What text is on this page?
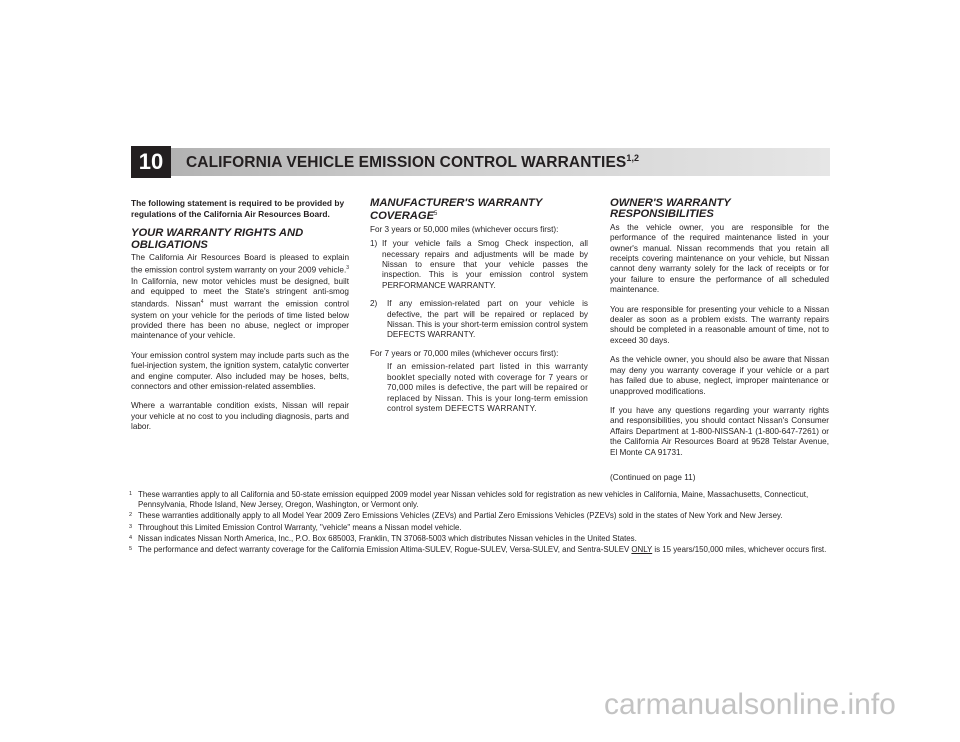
10	CALIFORNIA VEHICLE EMISSION CONTROL WARRANTIES$^{1,2}$

The following statement is required to be provided by regulations of the California Air Resources Board.

YOUR WARRANTY RIGHTS AND OBLIGATIONS

The California Air Resources Board is pleased to explain the emission control system warranty on your 2009 vehicle.$^3$ In California, new motor vehicles must be designed, built and equipped to meet the State's stringent anti-smog standards. Nissan$^4$ must warrant the emission control system on your vehicle for the periods of time listed below provided there has been no abuse, neglect or improper maintenance of your vehicle.

Your emission control system may include parts such as the fuel-injection system, the ignition system, catalytic converter and engine computer. Also included may be hoses, belts, connectors and other emission-related assemblies.

Where a warrantable condition exists, Nissan will repair your vehicle at no cost to you including diagnosis, parts and labor.

MANUFACTURER'S WARRANTY COVERAGE$^5$

For 3 years or 50,000 miles (whichever occurs first):

1) If your vehicle fails a Smog Check inspection, all necessary repairs and adjustments will be made by Nissan to ensure that your vehicle passes the inspection. This is your emission control system PERFORMANCE WARRANTY.
2)	If any emission-related part on your vehicle is defective, the part will be repaired or replaced by Nissan. This is your short-term emission control system DEFECTS WARRANTY.

For 7 years or 70,000 miles (whichever occurs first):

If an emission-related part listed in this warranty booklet specially noted with coverage for 7 years or 70,000 miles is defective, the part will be repaired or replaced by Nissan. This is your long-term emission control system DEFECTS WARRANTY.

OWNER'S WARRANTY RESPONSIBILITIES

As the vehicle owner, you are responsible for the performance of the required maintenance listed in your owner's manual. Nissan recommends that you retain all receipts covering maintenance on your vehicle, but Nissan cannot deny warranty solely for the lack of receipts or for your failure to ensure the performance of all scheduled maintenance.

You are responsible for presenting your vehicle to a Nissan dealer as soon as a problem exists. The warranty repairs should be completed in a reasonable amount of time, not to exceed 30 days.

As the vehicle owner, you should also be aware that Nissan may deny you warranty coverage if your vehicle or a part has failed due to abuse, neglect, improper maintenance or unapproved modifications.

If you have any questions regarding your warranty rights and responsibilities, you should contact Nissan's Consumer Affairs Department at 1-800-NISSAN-1 (1-800-647-7261) or the California Air Resources Board at 9528 Telstar Avenue, El Monte CA 91731.

(Continued on page 11)
1 These warranties apply to all California and 50-state emission equipped 2009 model year Nissan vehicles sold for registration as new vehicles in California, Maine, Massachusetts, Connecticut, Pennsylvania, Rhode Island, New Jersey, Oregon, Washington, or Vermont only.
2 These warranties additionally apply to all Model Year 2009 Zero Emissions Vehicles (ZEVs) and Partial Zero Emissions Vehicles (PZEVs) sold in the states of New York and New Jersey.
3 Throughout this Limited Emission Control Warranty, "vehicle" means a Nissan model vehicle.
4 Nissan indicates Nissan North America, Inc., P.O. Box 685003, Franklin, TN 37068-5003 which distributes Nissan vehicles in the United States.
5 The performance and defect warranty coverage for the California Emission Altima-SULEV, Rogue-SULEV, Versa-SULEV, and Sentra-SULEV ONLY is 15 years/150,000 miles, whichever occurs first.
carmanualsonline.info
